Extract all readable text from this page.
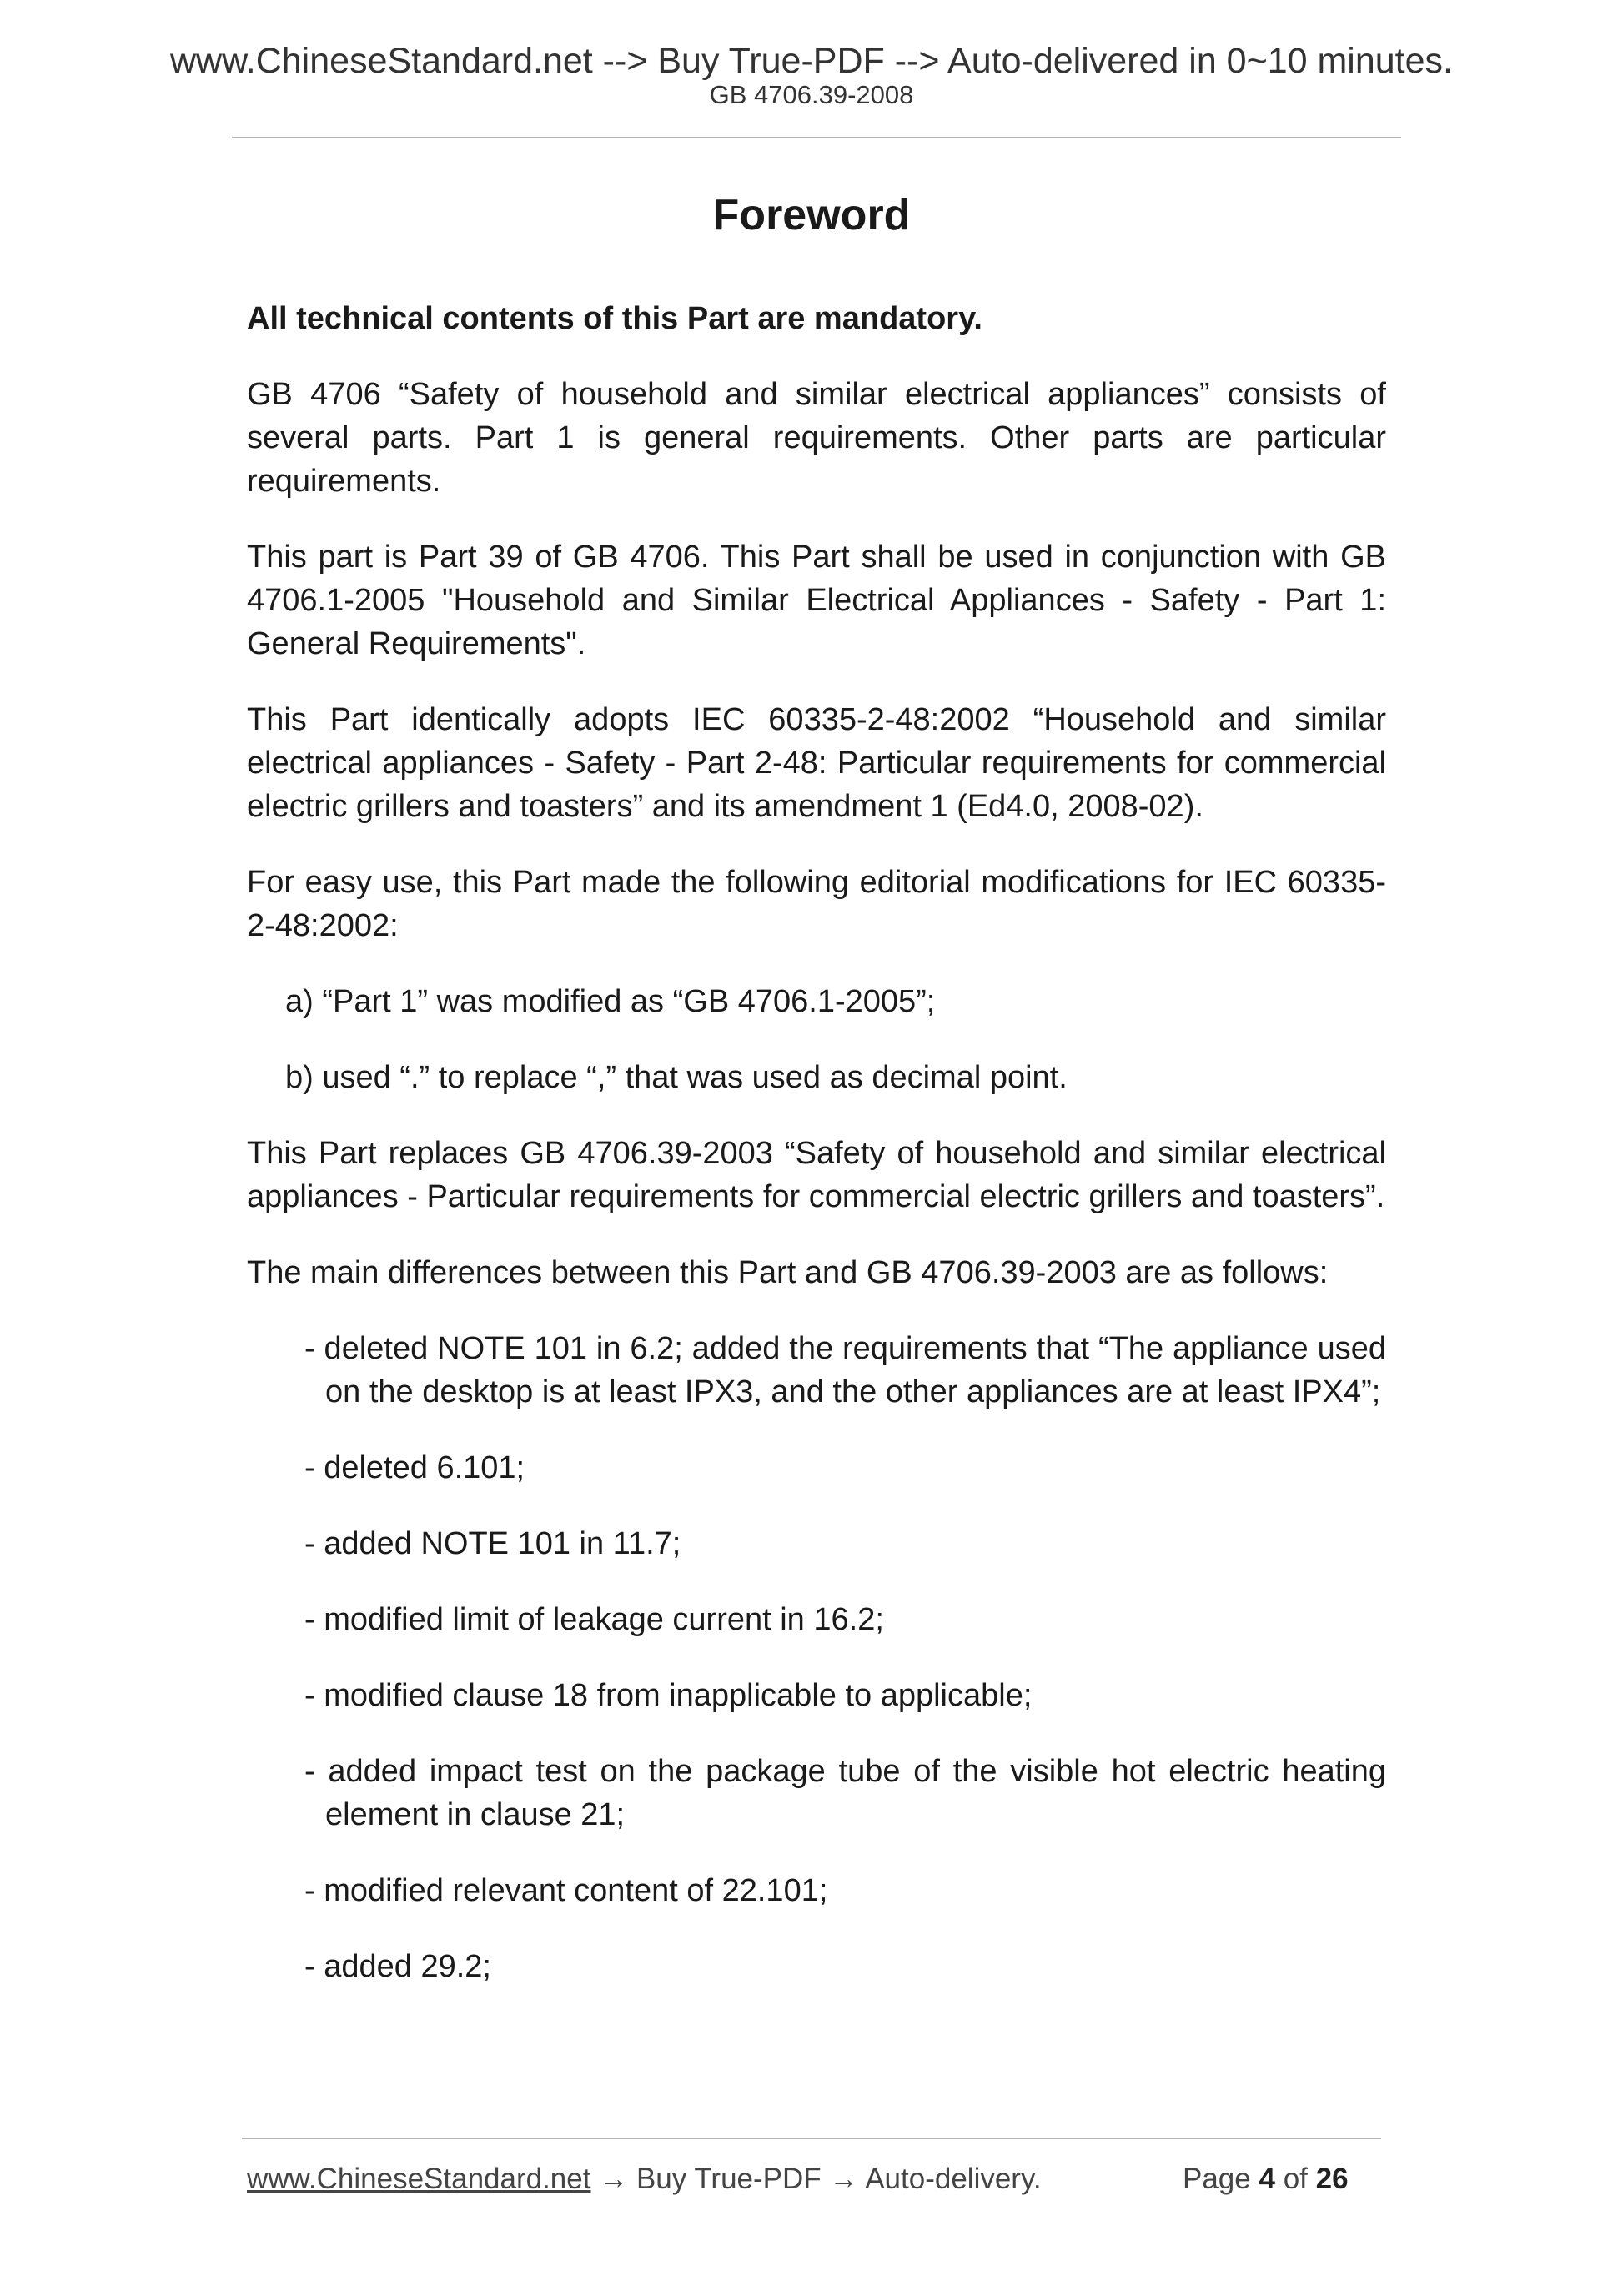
www.ChineseStandard.net --> Buy True-PDF --> Auto-delivered in 0~10 minutes.
GB 4706.39-2008
Foreword

All technical contents of this Part are mandatory.

GB 4706 “Safety of household and similar electrical appliances” consists of several parts. Part 1 is general requirements. Other parts are particular requirements.

This part is Part 39 of GB 4706. This Part shall be used in conjunction with GB 4706.1-2005 "Household and Similar Electrical Appliances - Safety - Part 1: General Requirements".

This Part identically adopts IEC 60335-2-48:2002 “Household and similar electrical appliances - Safety - Part 2-48: Particular requirements for commercial electric grillers and toasters” and its amendment 1 (Ed4.0, 2008-02).

For easy use, this Part made the following editorial modifications for IEC 60335-2-48:2002:

a) “Part 1” was modified as “GB 4706.1-2005”;

b) used “.” to replace “,” that was used as decimal point.

This Part replaces GB 4706.39-2003 “Safety of household and similar electrical appliances - Particular requirements for commercial electric grillers and toasters”.

The main differences between this Part and GB 4706.39-2003 are as follows:

- deleted NOTE 101 in 6.2; added the requirements that “The appliance used on the desktop is at least IPX3, and the other appliances are at least IPX4”;

- deleted 6.101;

- added NOTE 101 in 11.7;

- modified limit of leakage current in 16.2;

- modified clause 18 from inapplicable to applicable;

- added impact test on the package tube of the visible hot electric heating element in clause 21;

- modified relevant content of 22.101;

- added 29.2;

www.ChineseStandard.net → Buy True-PDF → Auto-delivery.	Page 4 of 26
